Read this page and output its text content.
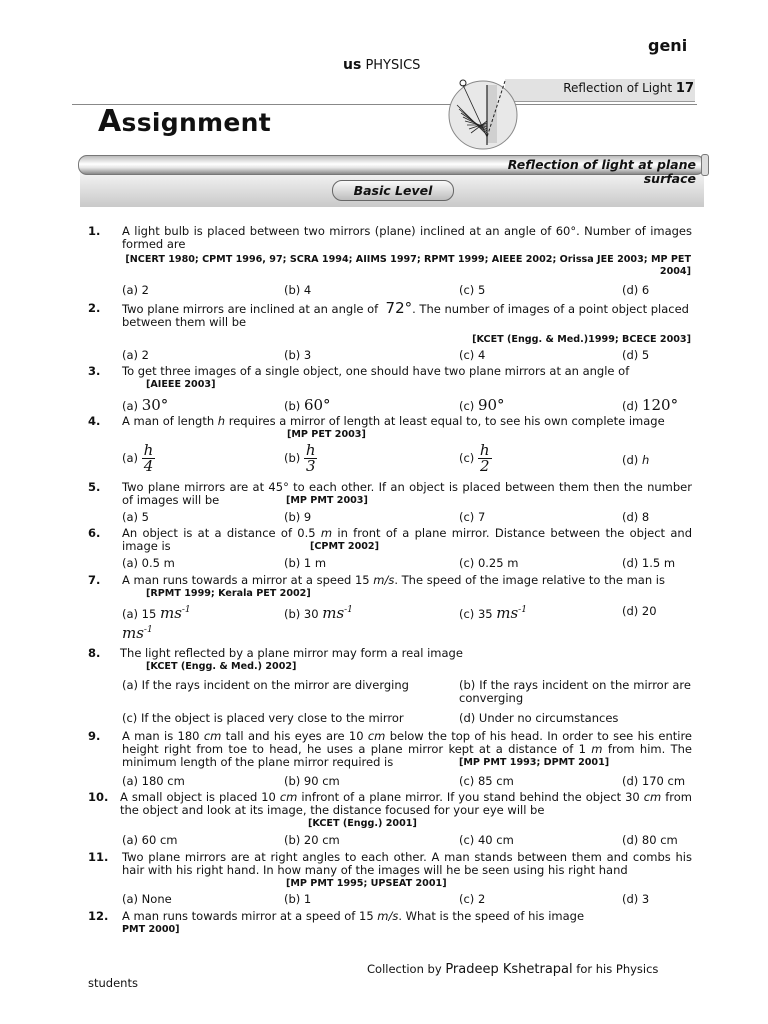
geni
us PHYSICS
Reflection of Light 17
Assignment
Reflection of light at plane surface
Basic Level
1. A light bulb is placed between two mirrors (plane) inclined at an angle of 60°. Number of images formed are
[NCERT 1980; CPMT 1996, 97; SCRA 1994; AIIMS 1997; RPMT 1999; AIEEE 2002; Orissa JEE 2003; MP PET 2004]
(a) 2	(b) 4	(c) 5	(d) 6
2. Two plane mirrors are inclined at an angle of 72°. The number of images of a point object placed between them will be
[KCET (Engg. & Med.)1999; BCECE 2003]
(a) 2	(b) 3	(c) 4	(d) 5
3. To get three images of a single object, one should have two plane mirrors at an angle of
[AIEEE 2003]
(a) 30°	(b) 60°	(c) 90°	(d) 120°
4. A man of length h requires a mirror of length at least equal to, to see his own complete image
[MP PET 2003]
$(a) \frac{h}{4}$	$(b) \frac{h}{3}$	$(c) \frac{h}{2}$	(d) h
5. Two plane mirrors are at 45° to each other. If an object is placed between them then the number of images will be	[MP PMT 2003]
(a) 5	(b) 9	(c) 7	(d) 8
6. An object is at a distance of 0.5 m in front of a plane mirror. Distance between the object and image is	[CPMT 2002]
(a) 0.5 m	(b) 1 m	(c) 0.25 m	(d) 1.5 m
7. A man runs towards a mirror at a speed 15 m/s. The speed of the image relative to the man is
[RPMT 1999; Kerala PET 2002]
(a) 15 $ms^{-1}$	(b) 30 $ms^{-1}$	(c) 35 $ms^{-1}$	(d) 20
$ms^{-1}$
8. The light reflected by a plane mirror may form a real image
[KCET (Engg. & Med.) 2002]
(a) If the rays incident on the mirror are diverging	(b) If the rays incident on the mirror are converging
(c) If the object is placed very close to the mirror	(d) Under no circumstances
9. A man is 180 cm tall and his eyes are 10 cm below the top of his head. In order to see his entire height right from toe to head, he uses a plane mirror kept at a distance of 1 m from him. The minimum length of the plane mirror required is	[MP PMT 1993; DPMT 2001]
(a) 180 cm	(b) 90 cm	(c) 85 cm	(d) 170 cm
10. A small object is placed 10 cm infront of a plane mirror. If you stand behind the object 30 cm from the object and look at its image, the distance focused for your eye will be
[KCET (Engg.) 2001]
(a) 60 cm	(b) 20 cm	(c) 40 cm	(d) 80 cm
11. Two plane mirrors are at right angles to each other. A man stands between them and combs his hair with his right hand. In how many of the images will he be seen using his right hand
[MP PMT 1995; UPSEAT 2001]
(a) None	(b) 1	(c) 2	(d) 3
12. A man runs towards mirror at a speed of 15 m/s. What is the speed of his image
PMT 2000]
Collection by Pradeep Kshetrapal for his Physics
students
